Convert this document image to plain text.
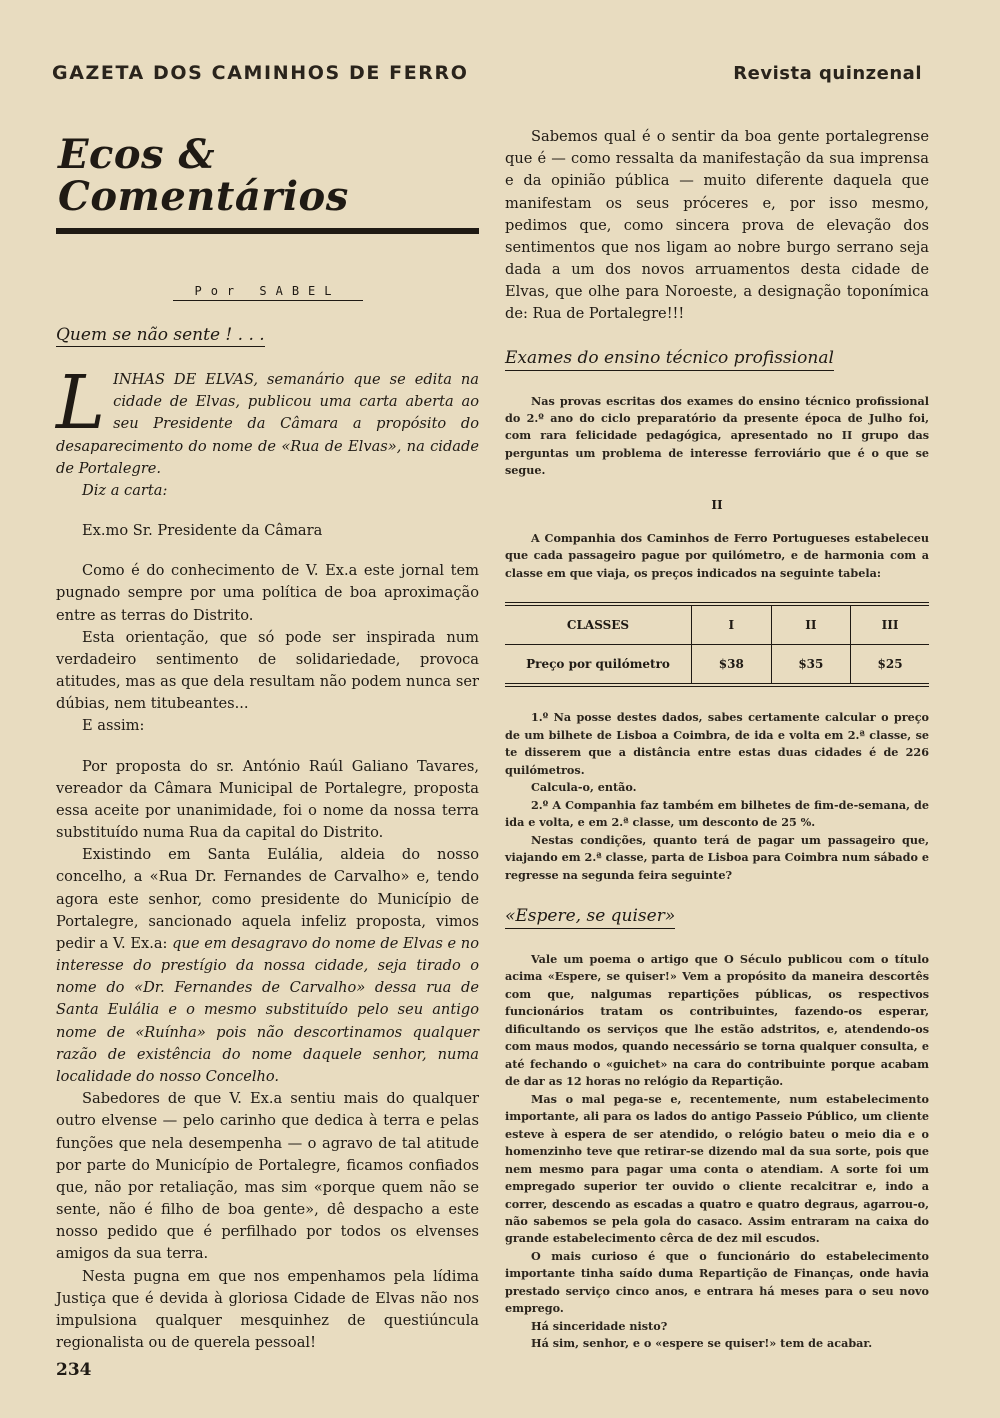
GAZETA DOS CAMINHOS DE FERRO	Revista quinzenal
Ecos & Comentários
Por SABEL
Quem se não sente ! . . .
LINHAS DE ELVAS, semanário que se edita na cidade de Elvas, publicou uma carta aberta ao seu Presidente da Câmara a propósito do desaparecimento do nome de «Rua de Elvas», na cidade de Portalegre.

Diz a carta:

Ex.mo Sr. Presidente da Câmara

Como é do conhecimento de V. Ex.a este jornal tem pugnado sempre por uma política de boa aproximação entre as terras do Distrito.

Esta orientação, que só pode ser inspirada num verdadeiro sentimento de solidariedade, provoca atitudes, mas as que dela resultam não podem nunca ser dúbias, nem titubeantes...

E assim:

Por proposta do sr. António Raúl Galiano Tavares, vereador da Câmara Municipal de Portalegre, proposta essa aceite por unanimidade, foi o nome da nossa terra substituído numa Rua da capital do Distrito.

Existindo em Santa Eulália, aldeia do nosso concelho, a «Rua Dr. Fernandes de Carvalho» e, tendo agora este senhor, como presidente do Município de Portalegre, sancionado aquela infeliz proposta, vimos pedir a V. Ex.a: que em desagravo do nome de Elvas e no interesse do prestígio da nossa cidade, seja tirado o nome do «Dr. Fernandes de Carvalho» dessa rua de Santa Eulália e o mesmo substituído pelo seu antigo nome de «Ruínha» pois não descortinamos qualquer razão de existência do nome daquele senhor, numa localidade do nosso Concelho.

Sabedores de que V. Ex.a sentiu mais do qualquer outro elvense — pelo carinho que dedica à terra e pelas funções que nela desempenha — o agravo de tal atitude por parte do Município de Portalegre, ficamos confiados que, não por retaliação, mas sim «porque quem não se sente, não é filho de boa gente», dê despacho a este nosso pedido que é perfilhado por todos os elvenses amigos da sua terra.

Nesta pugna em que nos empenhamos pela lídima Justiça que é devida à gloriosa Cidade de Elvas não nos impulsiona qualquer mesquinhez de questiúncula regionalista ou de querela pessoal!

Sabemos qual é o sentir da boa gente portalegrense que é — como ressalta da manifestação da sua imprensa e da opinião pública — muito diferente daquela que manifestam os seus próceres e, por isso mesmo, pedimos que, como sincera prova de elevação dos sentimentos que nos ligam ao nobre burgo serrano seja dada a um dos novos arruamentos desta cidade de Elvas, que olhe para Noroeste, a designação toponímica de: Rua de Portalegre!!!

Exames do ensino técnico profissional

Nas provas escritas dos exames do ensino técnico profissional do 2.º ano do ciclo preparatório da presente época de Julho foi, com rara felicidade pedagógica, apresentado no II grupo das perguntas um problema de interesse ferroviário que é o que se segue.

II

A Companhia dos Caminhos de Ferro Portugueses estabeleceu que cada passageiro pague por quilómetro, e de harmonia com a classe em que viaja, os preços indicados na seguinte tabela:

CLASSES	I	II	III
Preço por quilómetro	$38	$35	$25

1.º Na posse destes dados, sabes certamente calcular o preço de um bilhete de Lisboa a Coimbra, de ida e volta em 2.ª classe, se te disserem que a distância entre estas duas cidades é de 226 quilómetros.

Calcula-o, então.

2.º A Companhia faz também em bilhetes de fim-de-semana, de ida e volta, e em 2.ª classe, um desconto de 25 %.

Nestas condições, quanto terá de pagar um passageiro que, viajando em 2.ª classe, parta de Lisboa para Coimbra num sábado e regresse na segunda feira seguinte?

«Espere, se quiser»

Vale um poema o artigo que O Século publicou com o título acima «Espere, se quiser!» Vem a propósito da maneira descortês com que, nalgumas repartições públicas, os respectivos funcionários tratam os contribuintes, fazendo-os esperar, dificultando os serviços que lhe estão adstritos, e, atendendo-os com maus modos, quando necessário se torna qualquer consulta, e até fechando o «guichet» na cara do contribuinte porque acabam de dar as 12 horas no relógio da Repartição.

Mas o mal pega-se e, recentemente, num estabelecimento importante, ali para os lados do antigo Passeio Público, um cliente esteve à espera de ser atendido, o relógio bateu o meio dia e o homenzinho teve que retirar-se dizendo mal da sua sorte, pois que nem mesmo para pagar uma conta o atendiam. A sorte foi um empregado superior ter ouvido o cliente recalcitrar e, indo a correr, descendo as escadas a quatro e quatro degraus, agarrou-o, não sabemos se pela gola do casaco. Assim entraram na caixa do grande estabelecimento cêrca de dez mil escudos.

O mais curioso é que o funcionário do estabelecimento importante tinha saído duma Repartição de Finanças, onde havia prestado serviço cinco anos, e entrara há meses para o seu novo emprego.

Há sinceridade nisto?

Há sim, senhor, e o «espere se quiser!» tem de acabar.

234
